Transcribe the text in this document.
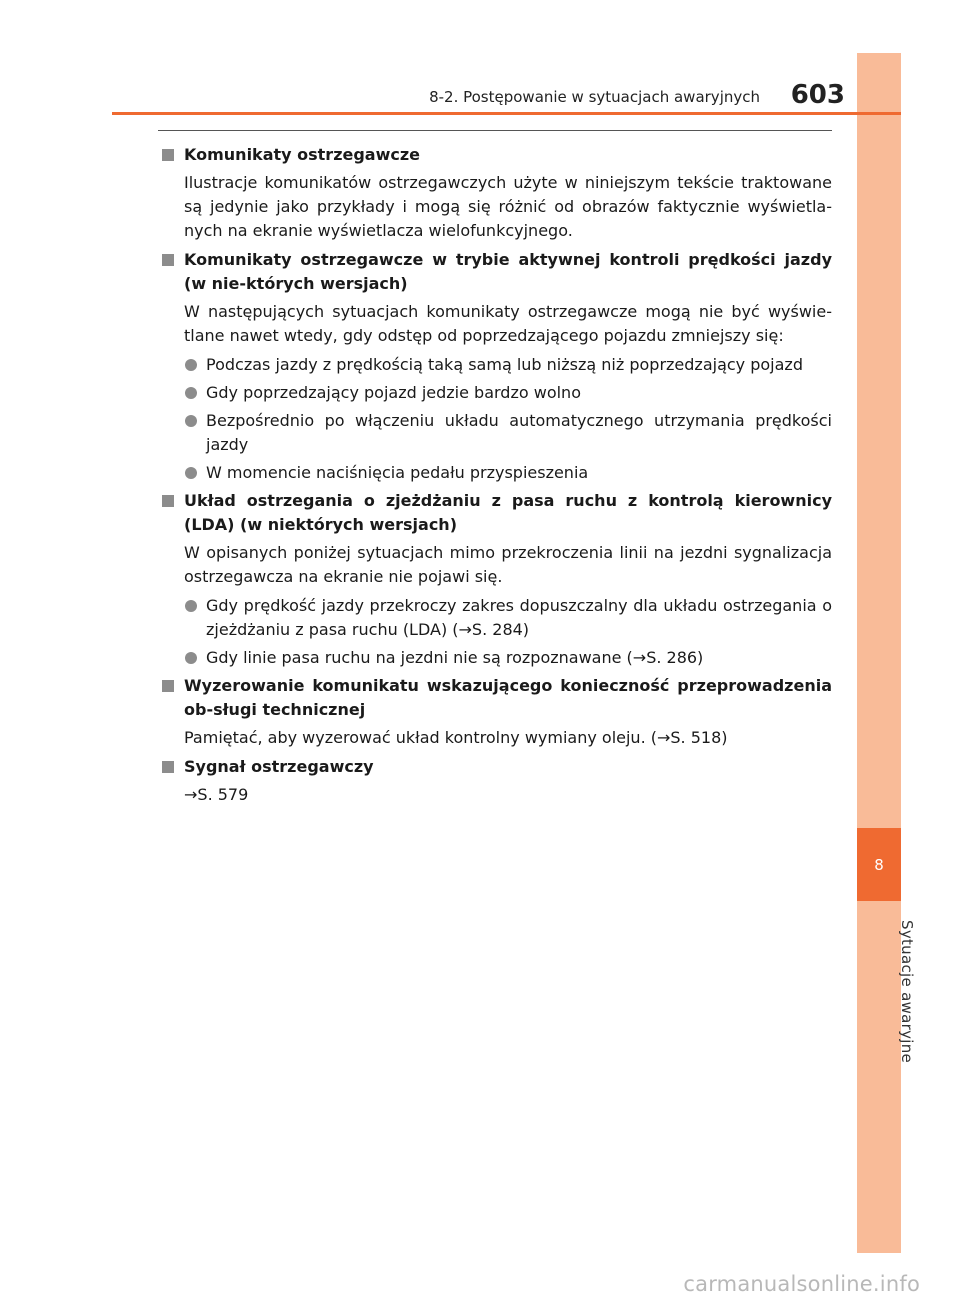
8
Sytuacje awaryjne
8-2. Postępowanie w sytuacjach awaryjnych 603
Komunikaty ostrzegawcze
Ilustracje komunikatów ostrzegawczych użyte w niniejszym tekście traktowane są jedynie jako przykłady i mogą się różnić od obrazów faktycznie wyświetla-nych na ekranie wyświetlacza wielofunkcyjnego.
Komunikaty ostrzegawcze w trybie aktywnej kontroli prędkości jazdy (w nie-których wersjach)
W następujących sytuacjach komunikaty ostrzegawcze mogą nie być wyświe-tlane nawet wtedy, gdy odstęp od poprzedzającego pojazdu zmniejszy się:
Podczas jazdy z prędkością taką samą lub niższą niż poprzedzający pojazd
Gdy poprzedzający pojazd jedzie bardzo wolno
Bezpośrednio po włączeniu układu automatycznego utrzymania prędkości jazdy
W momencie naciśnięcia pedału przyspieszenia
Układ ostrzegania o zjeżdżaniu z pasa ruchu z kontrolą kierownicy (LDA) (w niektórych wersjach)
W opisanych poniżej sytuacjach mimo przekroczenia linii na jezdni sygnalizacja ostrzegawcza na ekranie nie pojawi się.
Gdy prędkość jazdy przekroczy zakres dopuszczalny dla układu ostrzegania o zjeżdżaniu z pasa ruchu (LDA) (→S. 284)
Gdy linie pasa ruchu na jezdni nie są rozpoznawane (→S. 286)
Wyzerowanie komunikatu wskazującego konieczność przeprowadzenia ob-sługi technicznej
Pamiętać, aby wyzerować układ kontrolny wymiany oleju. (→S. 518)
Sygnał ostrzegawczy
→S. 579
carmanualsonline.info
